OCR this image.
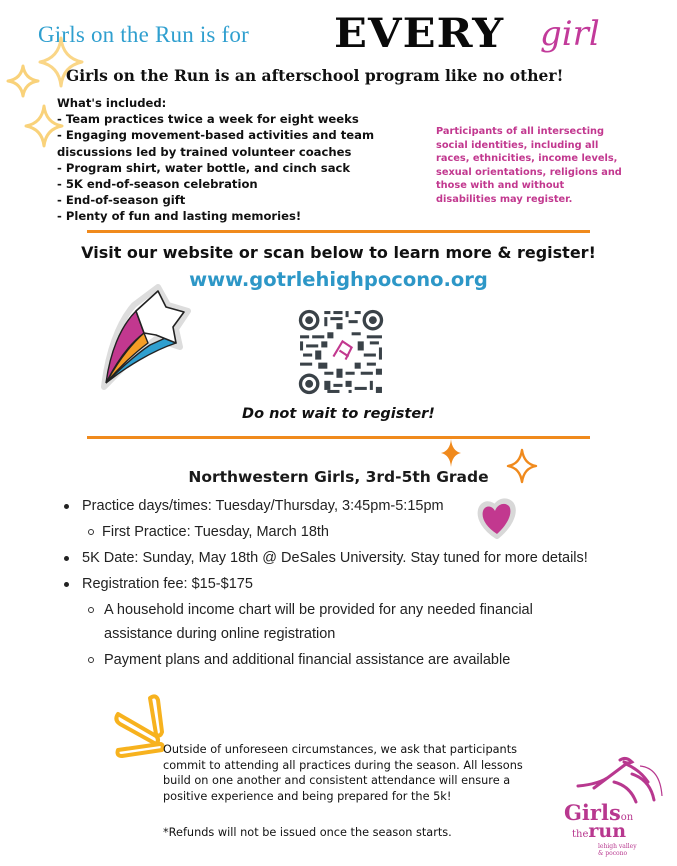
Girls on the Run is for EVERY girl
Girls on the Run is an afterschool program like no other!
What's included:
- Team practices twice a week for eight weeks
- Engaging movement-based activities and team
discussions led by trained volunteer coaches
- Program shirt, water bottle, and cinch sack
- 5K end-of-season celebration
- End-of-season gift
- Plenty of fun and lasting memories!
Participants of all intersecting
social identities, including all
races, ethnicities, income levels,
sexual orientations, religions and
those with and without
disabilities may register.
Visit our website or scan below to learn more & register!
www.gotrlehighpocono.org
Do not wait to register!
Northwestern Girls, 3rd-5th Grade
Practice days/times: Tuesday/Thursday, 3:45pm-5:15pm
First Practice: Tuesday, March 18th
5K Date: Sunday, May 18th @ DeSales University. Stay tuned for more details!
Registration fee: $15-$175
A household income chart will be provided for any needed financial
assistance during online registration
Payment plans and additional financial assistance are available
Outside of unforeseen circumstances, we ask that participants
commit to attending all practices during the season. All lessons
build on one another and consistent attendance will ensure a
positive experience and being prepared for the 5k!
*Refunds will not be issued once the season starts.
Girlson
therun
lehigh valley
& pocono
